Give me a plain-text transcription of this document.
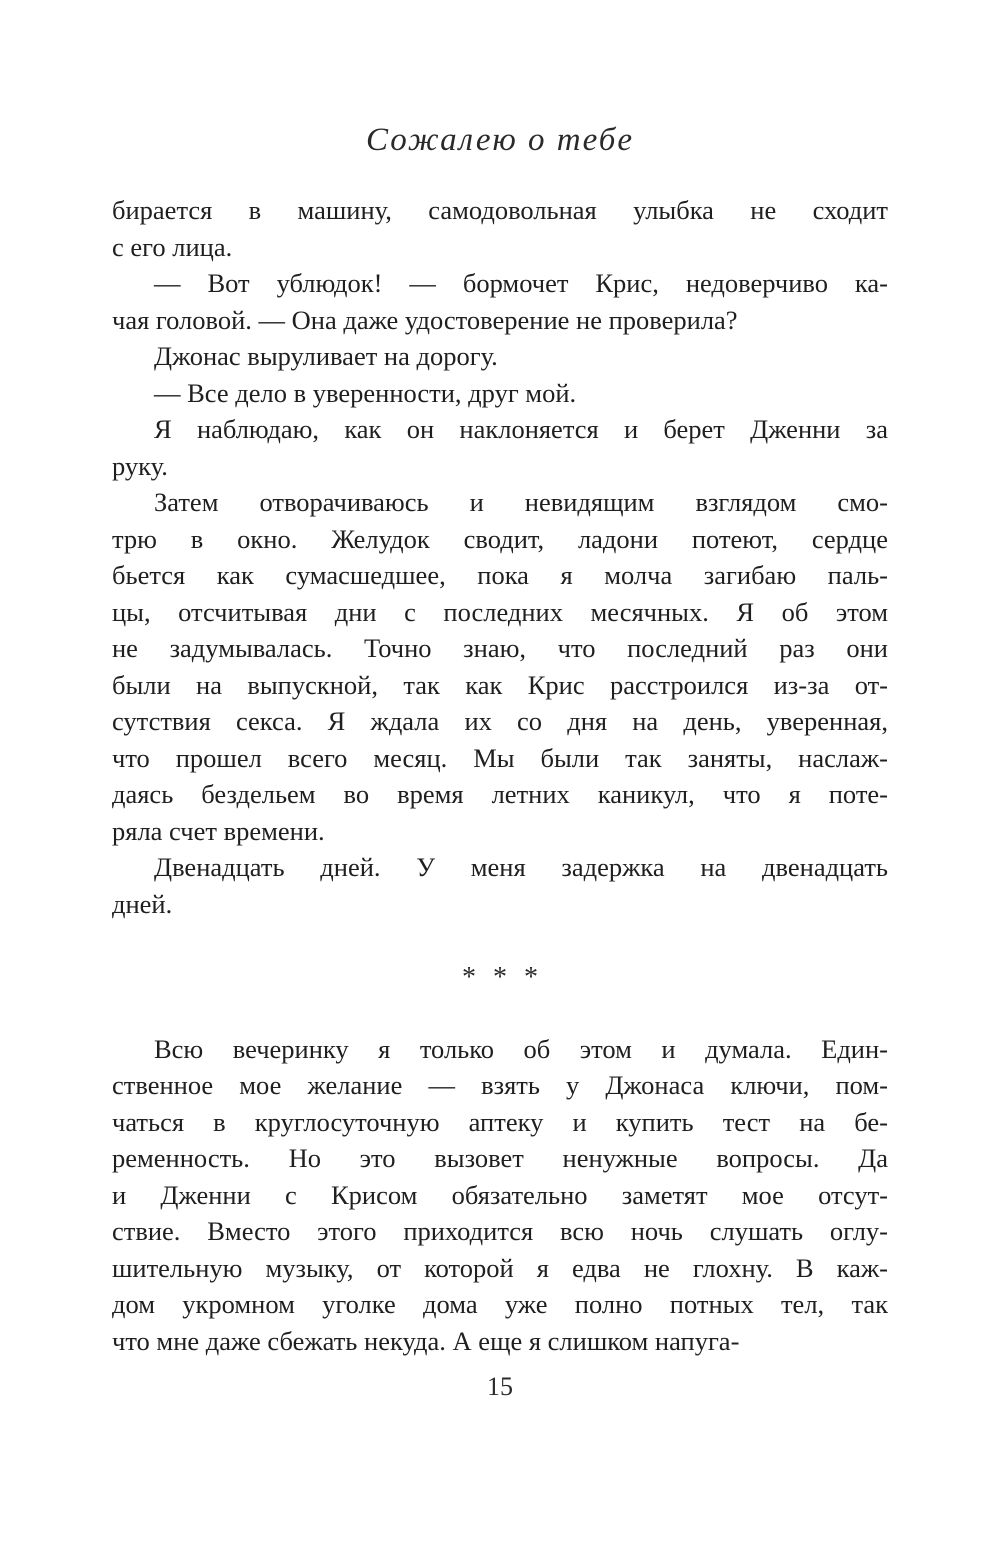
Сожалею о тебе

бирается в машину, самодовольная улыбка не сходит
с его лица.

— Вот ублюдок! — бормочет Крис, недоверчиво ка-
чая головой. — Она даже удостоверение не проверила?

Джонас выруливает на дорогу.

— Все дело в уверенности, друг мой.

Я наблюдаю, как он наклоняется и берет Дженни за
руку.

Затем отворачиваюсь и невидящим взглядом смо-
трю в окно. Желудок сводит, ладони потеют, сердце
бьется как сумасшедшее, пока я молча загибаю паль-
цы, отсчитывая дни с последних месячных. Я об этом
не задумывалась. Точно знаю, что последний раз они
были на выпускной, так как Крис расстроился из-за от-
сутствия секса. Я ждала их со дня на день, уверенная,
что прошел всего месяц. Мы были так заняты, наслаж-
даясь бездельем во время летних каникул, что я поте-
ряла счет времени.

Двенадцать дней. У меня задержка на двенадцать
дней.

* * *

Всю вечеринку я только об этом и думала. Един-
ственное мое желание — взять у Джонаса ключи, пом-
чаться в круглосуточную аптеку и купить тест на бе-
ременность. Но это вызовет ненужные вопросы. Да
и Дженни с Крисом обязательно заметят мое отсут-
ствие. Вместо этого приходится всю ночь слушать оглу-
шительную музыку, от которой я едва не глохну. В каж-
дом укромном уголке дома уже полно потных тел, так
что мне даже сбежать некуда. А еще я слишком напуга-

15
